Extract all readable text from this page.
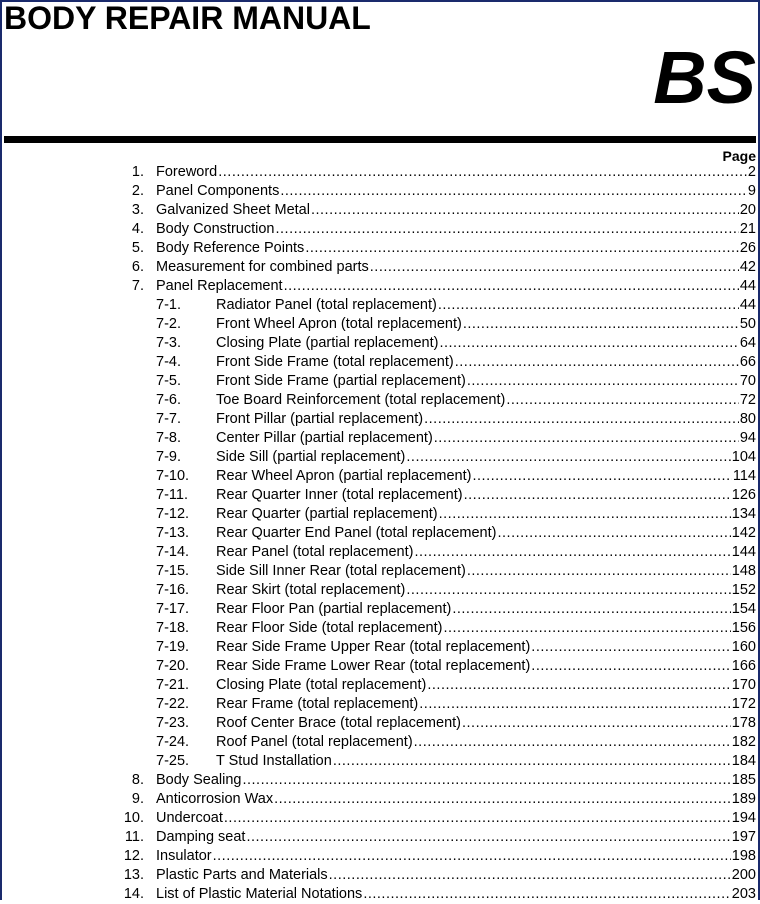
BODY REPAIR MANUAL
BS
Page
1. Foreword .....	2
2. Panel Components .....	9
3. Galvanized Sheet Metal .....	20
4. Body Construction .....	21
5. Body Reference Points .....	26
6. Measurement for combined parts .....	42
7. Panel Replacement .....	44
7-1.	Radiator Panel (total replacement) .....	44
7-2.	Front Wheel Apron (total replacement) .....	50
7-3.	Closing Plate (partial replacement) .....	64
7-4.	Front Side Frame (total replacement) .....	66
7-5.	Front Side Frame (partial replacement) .....	70
7-6.	Toe Board Reinforcement (total replacement) .....	72
7-7.	Front Pillar (partial replacement) .....	80
7-8.	Center Pillar (partial replacement) .....	94
7-9.	Side Sill (partial replacement) .....	104
7-10.	Rear Wheel Apron (partial replacement) .....	114
7-11.	Rear Quarter Inner (total replacement) .....	126
7-12.	Rear Quarter (partial replacement) .....	134
7-13.	Rear Quarter End Panel (total replacement) .....	142
7-14.	Rear Panel (total replacement) .....	144
7-15.	Side Sill Inner Rear (total replacement) .....	148
7-16.	Rear Skirt (total replacement) .....	152
7-17.	Rear Floor Pan (partial replacement) .....	154
7-18.	Rear Floor Side (total replacement) .....	156
7-19.	Rear Side Frame Upper Rear (total replacement) .....	160
7-20.	Rear Side Frame Lower Rear (total replacement) .....	166
7-21.	Closing Plate (total replacement) .....	170
7-22.	Rear Frame (total replacement) .....	172
7-23.	Roof Center Brace (total replacement) .....	178
7-24.	Roof Panel (total replacement) .....	182
7-25.	T Stud Installation .....	184
8. Body Sealing .....	185
9. Anticorrosion Wax .....	189
10. Undercoat .....	194
11. Damping seat .....	197
12. Insulator .....	198
13. Plastic Parts and Materials .....	200
14. List of Plastic Material Notations .....	203
